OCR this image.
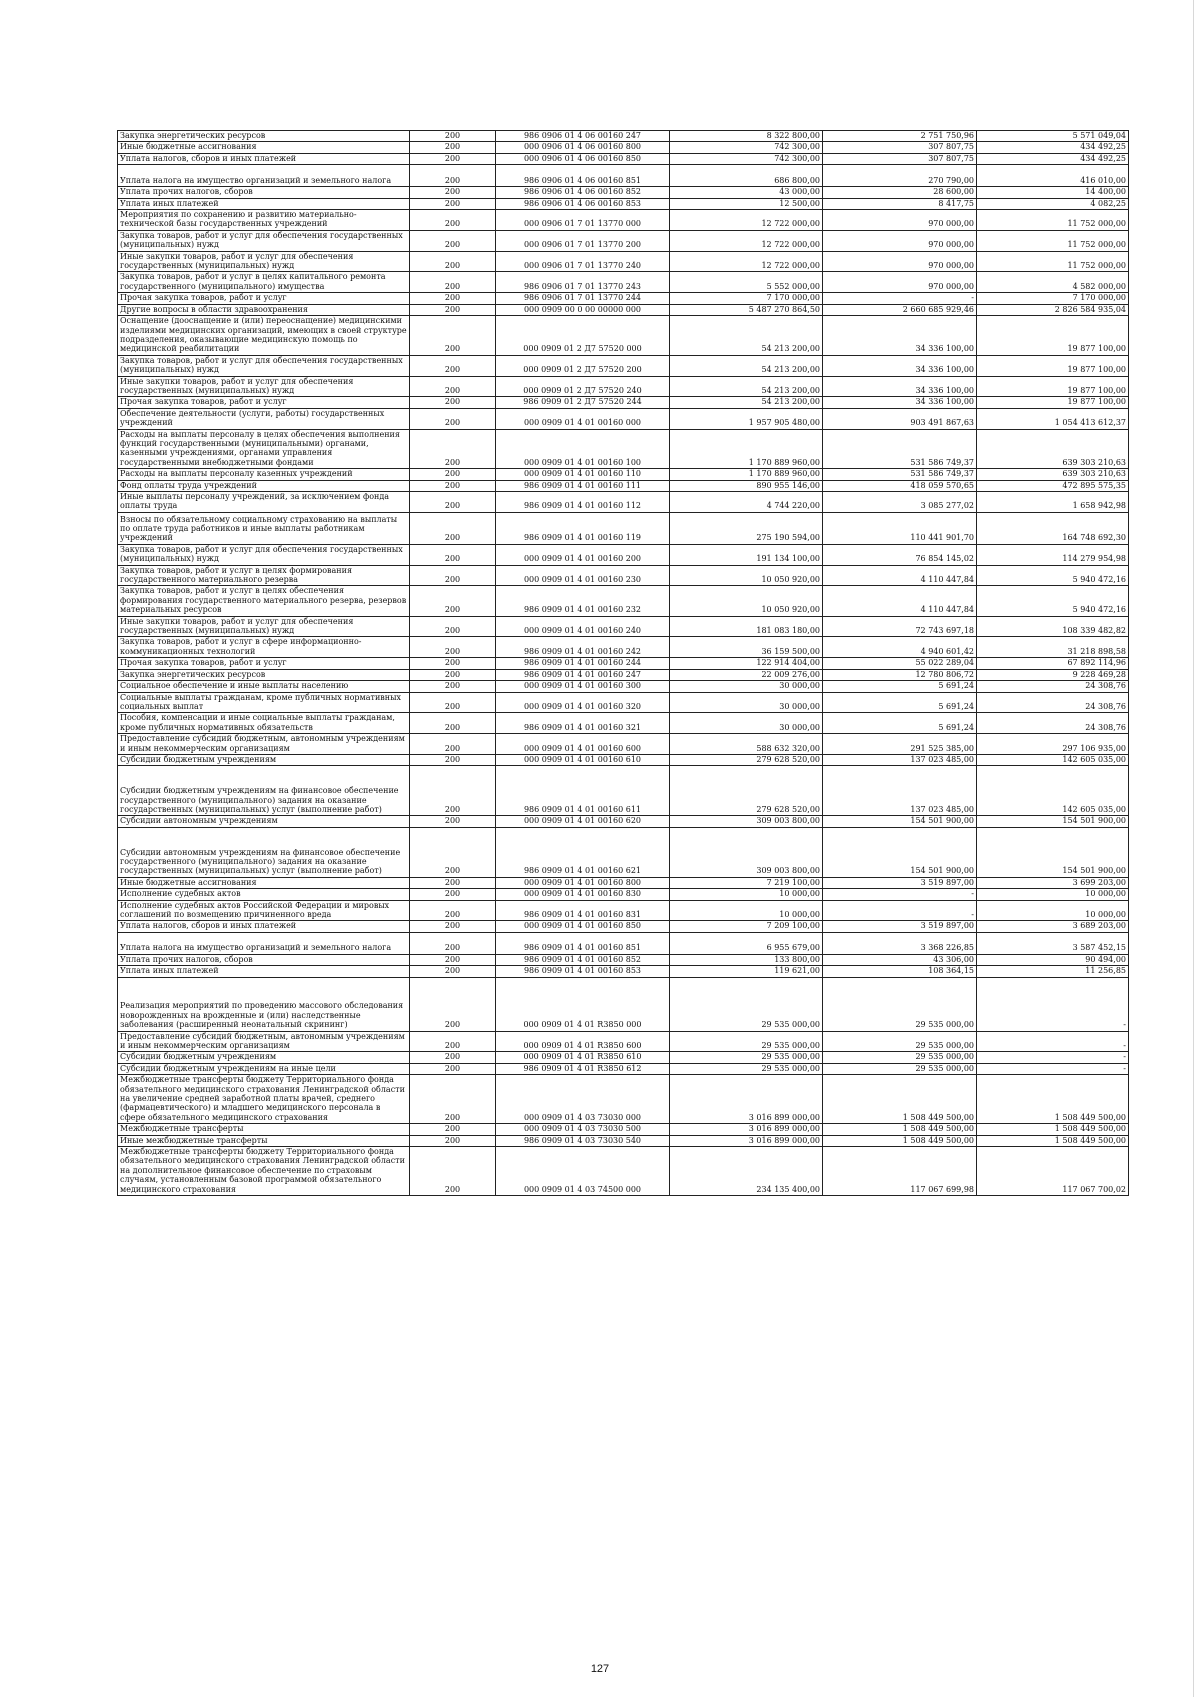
Закупка энергетических ресурсов	200	986 0906 01 4 06 00160 247	8 322 800,00	2 751 750,96	5 571 049,04
Иные бюджетные ассигнования	200	000 0906 01 4 06 00160 800	742 300,00	307 807,75	434 492,25
Уплата налогов, сборов и иных платежей	200	000 0906 01 4 06 00160 850	742 300,00	307 807,75	434 492,25
Уплата налога на имущество организаций и земельного налога	200	986 0906 01 4 06 00160 851	686 800,00	270 790,00	416 010,00
Уплата прочих налогов, сборов	200	986 0906 01 4 06 00160 852	43 000,00	28 600,00	14 400,00
Уплата иных платежей	200	986 0906 01 4 06 00160 853	12 500,00	8 417,75	4 082,25
Мероприятия по сохранению и развитию материально-технической базы государственных учреждений	200	000 0906 01 7 01 13770 000	12 722 000,00	970 000,00	11 752 000,00
Закупка товаров, работ и услуг для обеспечения государственных (муниципальных) нужд	200	000 0906 01 7 01 13770 200	12 722 000,00	970 000,00	11 752 000,00
Иные закупки товаров, работ и услуг для обеспечения государственных (муниципальных) нужд	200	000 0906 01 7 01 13770 240	12 722 000,00	970 000,00	11 752 000,00
Закупка товаров, работ и услуг в целях капитального ремонта государственного (муниципального) имущества	200	986 0906 01 7 01 13770 243	5 552 000,00	970 000,00	4 582 000,00
Прочая закупка товаров, работ и услуг	200	986 0906 01 7 01 13770 244	7 170 000,00	-	7 170 000,00
Другие вопросы в области здравоохранения	200	000 0909 00 0 00 00000 000	5 487 270 864,50	2 660 685 929,46	2 826 584 935,04
Оснащение (дооснащение и (или) переоснащение) медицинскими изделиями медицинских организаций, имеющих в своей структуре подразделения, оказывающие медицинскую помощь по медицинской реабилитации	200	000 0909 01 2 Д7 57520 000	54 213 200,00	34 336 100,00	19 877 100,00
Закупка товаров, работ и услуг для обеспечения государственных (муниципальных) нужд	200	000 0909 01 2 Д7 57520 200	54 213 200,00	34 336 100,00	19 877 100,00
Иные закупки товаров, работ и услуг для обеспечения государственных (муниципальных) нужд	200	000 0909 01 2 Д7 57520 240	54 213 200,00	34 336 100,00	19 877 100,00
Прочая закупка товаров, работ и услуг	200	986 0909 01 2 Д7 57520 244	54 213 200,00	34 336 100,00	19 877 100,00
Обеспечение деятельности (услуги, работы) государственных учреждений	200	000 0909 01 4 01 00160 000	1 957 905 480,00	903 491 867,63	1 054 413 612,37
Расходы на выплаты персоналу в целях обеспечения выполнения функций государственными (муниципальными) органами, казенными учреждениями, органами управления государственными внебюджетными фондами	200	000 0909 01 4 01 00160 100	1 170 889 960,00	531 586 749,37	639 303 210,63
Расходы на выплаты персоналу казенных учреждений	200	000 0909 01 4 01 00160 110	1 170 889 960,00	531 586 749,37	639 303 210,63
Фонд оплаты труда учреждений	200	986 0909 01 4 01 00160 111	890 955 146,00	418 059 570,65	472 895 575,35
Иные выплаты персоналу учреждений, за исключением фонда оплаты труда	200	986 0909 01 4 01 00160 112	4 744 220,00	3 085 277,02	1 658 942,98
Взносы по обязательному социальному страхованию на выплаты по оплате труда работников и иные выплаты работникам учреждений	200	986 0909 01 4 01 00160 119	275 190 594,00	110 441 901,70	164 748 692,30
Закупка товаров, работ и услуг для обеспечения государственных (муниципальных) нужд	200	000 0909 01 4 01 00160 200	191 134 100,00	76 854 145,02	114 279 954,98
Закупка товаров, работ и услуг в целях формирования государственного материального резерва	200	000 0909 01 4 01 00160 230	10 050 920,00	4 110 447,84	5 940 472,16
Закупка товаров, работ и услуг в целях обеспечения формирования государственного материального резерва, резервов материальных ресурсов	200	986 0909 01 4 01 00160 232	10 050 920,00	4 110 447,84	5 940 472,16
Иные закупки товаров, работ и услуг для обеспечения государственных (муниципальных) нужд	200	000 0909 01 4 01 00160 240	181 083 180,00	72 743 697,18	108 339 482,82
Закупка товаров, работ и услуг в сфере информационно-коммуникационных технологий	200	986 0909 01 4 01 00160 242	36 159 500,00	4 940 601,42	31 218 898,58
Прочая закупка товаров, работ и услуг	200	986 0909 01 4 01 00160 244	122 914 404,00	55 022 289,04	67 892 114,96
Закупка энергетических ресурсов	200	986 0909 01 4 01 00160 247	22 009 276,00	12 780 806,72	9 228 469,28
Социальное обеспечение и иные выплаты населению	200	000 0909 01 4 01 00160 300	30 000,00	5 691,24	24 308,76
Социальные выплаты гражданам, кроме публичных нормативных социальных выплат	200	000 0909 01 4 01 00160 320	30 000,00	5 691,24	24 308,76
Пособия, компенсации и иные социальные выплаты гражданам, кроме публичных нормативных обязательств	200	986 0909 01 4 01 00160 321	30 000,00	5 691,24	24 308,76
Предоставление субсидий бюджетным, автономным учреждениям и иным некоммерческим организациям	200	000 0909 01 4 01 00160 600	588 632 320,00	291 525 385,00	297 106 935,00
Субсидии бюджетным учреждениям	200	000 0909 01 4 01 00160 610	279 628 520,00	137 023 485,00	142 605 035,00
Субсидии бюджетным учреждениям на финансовое обеспечение государственного (муниципального) задания на оказание государственных (муниципальных) услуг (выполнение работ)	200	986 0909 01 4 01 00160 611	279 628 520,00	137 023 485,00	142 605 035,00
Субсидии автономным учреждениям	200	000 0909 01 4 01 00160 620	309 003 800,00	154 501 900,00	154 501 900,00
Субсидии автономным учреждениям на финансовое обеспечение государственного (муниципального) задания на оказание государственных (муниципальных) услуг (выполнение работ)	200	986 0909 01 4 01 00160 621	309 003 800,00	154 501 900,00	154 501 900,00
Иные бюджетные ассигнования	200	000 0909 01 4 01 00160 800	7 219 100,00	3 519 897,00	3 699 203,00
Исполнение судебных актов	200	000 0909 01 4 01 00160 830	10 000,00	-	10 000,00
Исполнение судебных актов Российской Федерации и мировых соглашений по возмещению причиненного вреда	200	986 0909 01 4 01 00160 831	10 000,00	-	10 000,00
Уплата налогов, сборов и иных платежей	200	000 0909 01 4 01 00160 850	7 209 100,00	3 519 897,00	3 689 203,00
Уплата налога на имущество организаций и земельного налога	200	986 0909 01 4 01 00160 851	6 955 679,00	3 368 226,85	3 587 452,15
Уплата прочих налогов, сборов	200	986 0909 01 4 01 00160 852	133 800,00	43 306,00	90 494,00
Уплата иных платежей	200	986 0909 01 4 01 00160 853	119 621,00	108 364,15	11 256,85
Реализация мероприятий по проведению массового обследования новорожденных на врожденные и (или) наследственные заболевания (расширенный неонатальный скрининг)	200	000 0909 01 4 01 R3850 000	29 535 000,00	29 535 000,00	-
Предоставление субсидий бюджетным, автономным учреждениям и иным некоммерческим организациям	200	000 0909 01 4 01 R3850 600	29 535 000,00	29 535 000,00	-
Субсидии бюджетным учреждениям	200	000 0909 01 4 01 R3850 610	29 535 000,00	29 535 000,00	-
Субсидии бюджетным учреждениям на иные цели	200	986 0909 01 4 01 R3850 612	29 535 000,00	29 535 000,00	-
Межбюджетные трансферты бюджету Территориального фонда обязательного медицинского страхования Ленинградской области на увеличение средней заработной платы врачей, среднего (фармацевтического) и младшего медицинского персонала в сфере обязательного медицинского страхования	200	000 0909 01 4 03 73030 000	3 016 899 000,00	1 508 449 500,00	1 508 449 500,00
Межбюджетные трансферты	200	000 0909 01 4 03 73030 500	3 016 899 000,00	1 508 449 500,00	1 508 449 500,00
Иные межбюджетные трансферты	200	986 0909 01 4 03 73030 540	3 016 899 000,00	1 508 449 500,00	1 508 449 500,00
Межбюджетные трансферты бюджету Территориального фонда обязательного медицинского страхования Ленинградской области на дополнительное финансовое обеспечение по страховым случаям, установленным базовой программой обязательного медицинского страхования	200	000 0909 01 4 03 74500 000	234 135 400,00	117 067 699,98	117 067 700,02
127
